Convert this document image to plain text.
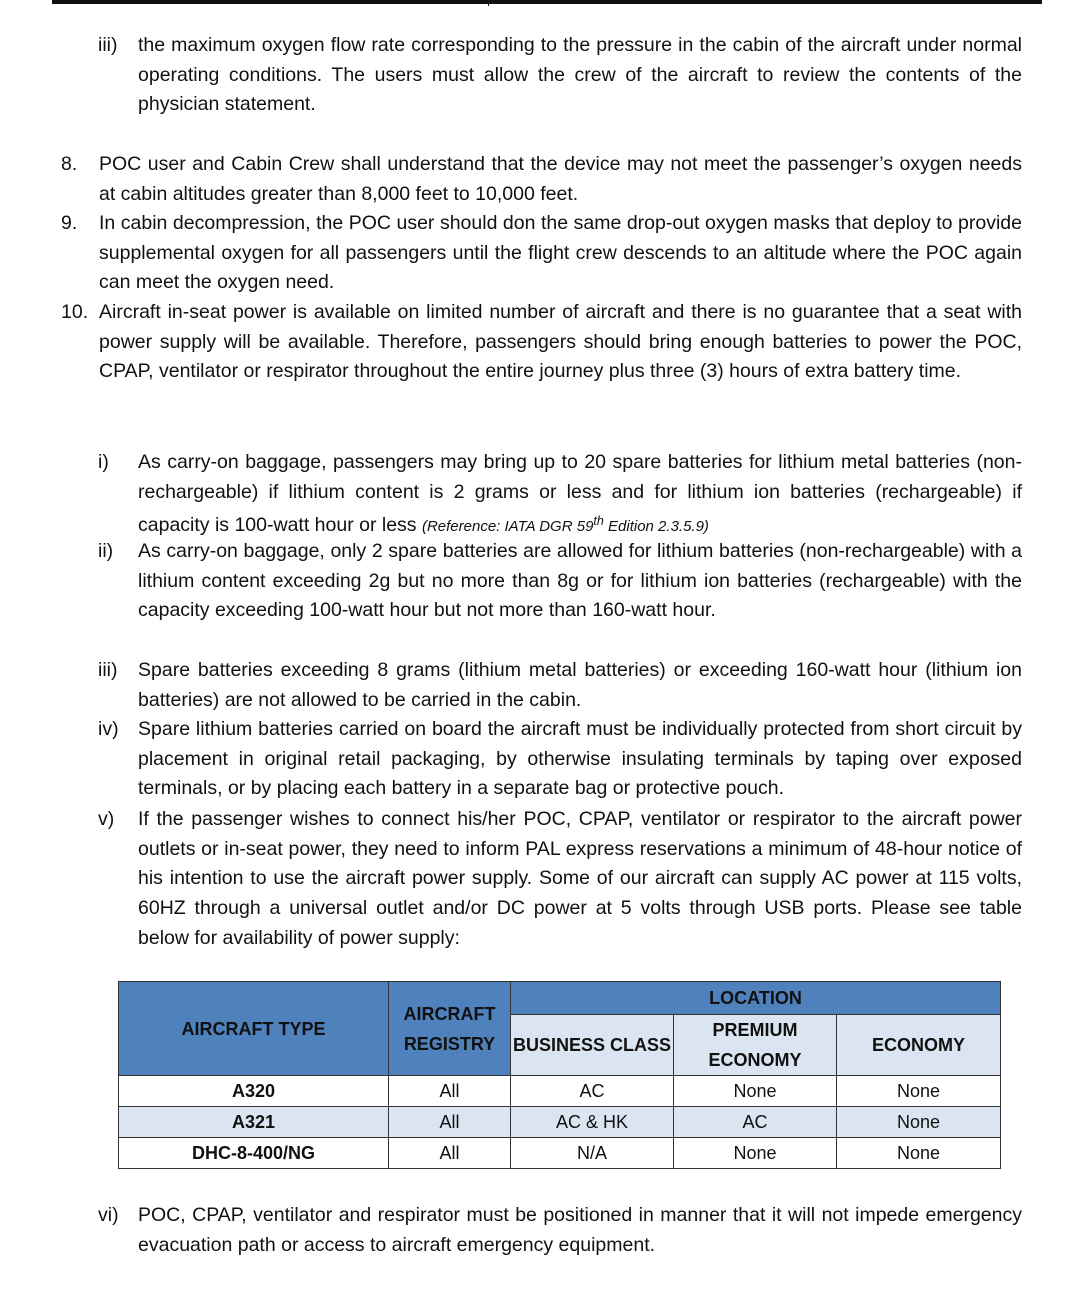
iii) the maximum oxygen flow rate corresponding to the pressure in the cabin of the aircraft under normal operating conditions. The users must allow the crew of the aircraft to review the contents of the physician statement.
8. POC user and Cabin Crew shall understand that the device may not meet the passenger’s oxygen needs at cabin altitudes greater than 8,000 feet to 10,000 feet.
9. In cabin decompression, the POC user should don the same drop-out oxygen masks that deploy to provide supplemental oxygen for all passengers until the flight crew descends to an altitude where the POC again can meet the oxygen need.
10. Aircraft in-seat power is available on limited number of aircraft and there is no guarantee that a seat with power supply will be available. Therefore, passengers should bring enough batteries to power the POC, CPAP, ventilator or respirator throughout the entire journey plus three (3) hours of extra battery time.
i) As carry-on baggage, passengers may bring up to 20 spare batteries for lithium metal batteries (non-rechargeable) if lithium content is 2 grams or less and for lithium ion batteries (rechargeable) if capacity is 100-watt hour or less (Reference: IATA DGR 59th Edition 2.3.5.9)
ii) As carry-on baggage, only 2 spare batteries are allowed for lithium batteries (non-rechargeable) with a lithium content exceeding 2g but no more than 8g or for lithium ion batteries (rechargeable) with the capacity exceeding 100-watt hour but not more than 160-watt hour.
iii) Spare batteries exceeding 8 grams (lithium metal batteries) or exceeding 160-watt hour (lithium ion batteries) are not allowed to be carried in the cabin.
iv) Spare lithium batteries carried on board the aircraft must be individually protected from short circuit by placement in original retail packaging, by otherwise insulating terminals by taping over exposed terminals, or by placing each battery in a separate bag or protective pouch.
v) If the passenger wishes to connect his/her POC, CPAP, ventilator or respirator to the aircraft power outlets or in-seat power, they need to inform PAL express reservations a minimum of 48-hour notice of his intention to use the aircraft power supply. Some of our aircraft can supply AC power at 115 volts, 60HZ through a universal outlet and/or DC power at 5 volts through USB ports. Please see table below for availability of power supply:
AIRCRAFT TYPE	AIRCRAFT REGISTRY	LOCATION		
		BUSINESS CLASS	PREMIUM ECONOMY	ECONOMY
A320	All	AC	None	None
A321	All	AC & HK	AC	None
DHC-8-400/NG	All	N/A	None	None
vi) POC, CPAP, ventilator and respirator must be positioned in manner that it will not impede emergency evacuation path or access to aircraft emergency equipment.
